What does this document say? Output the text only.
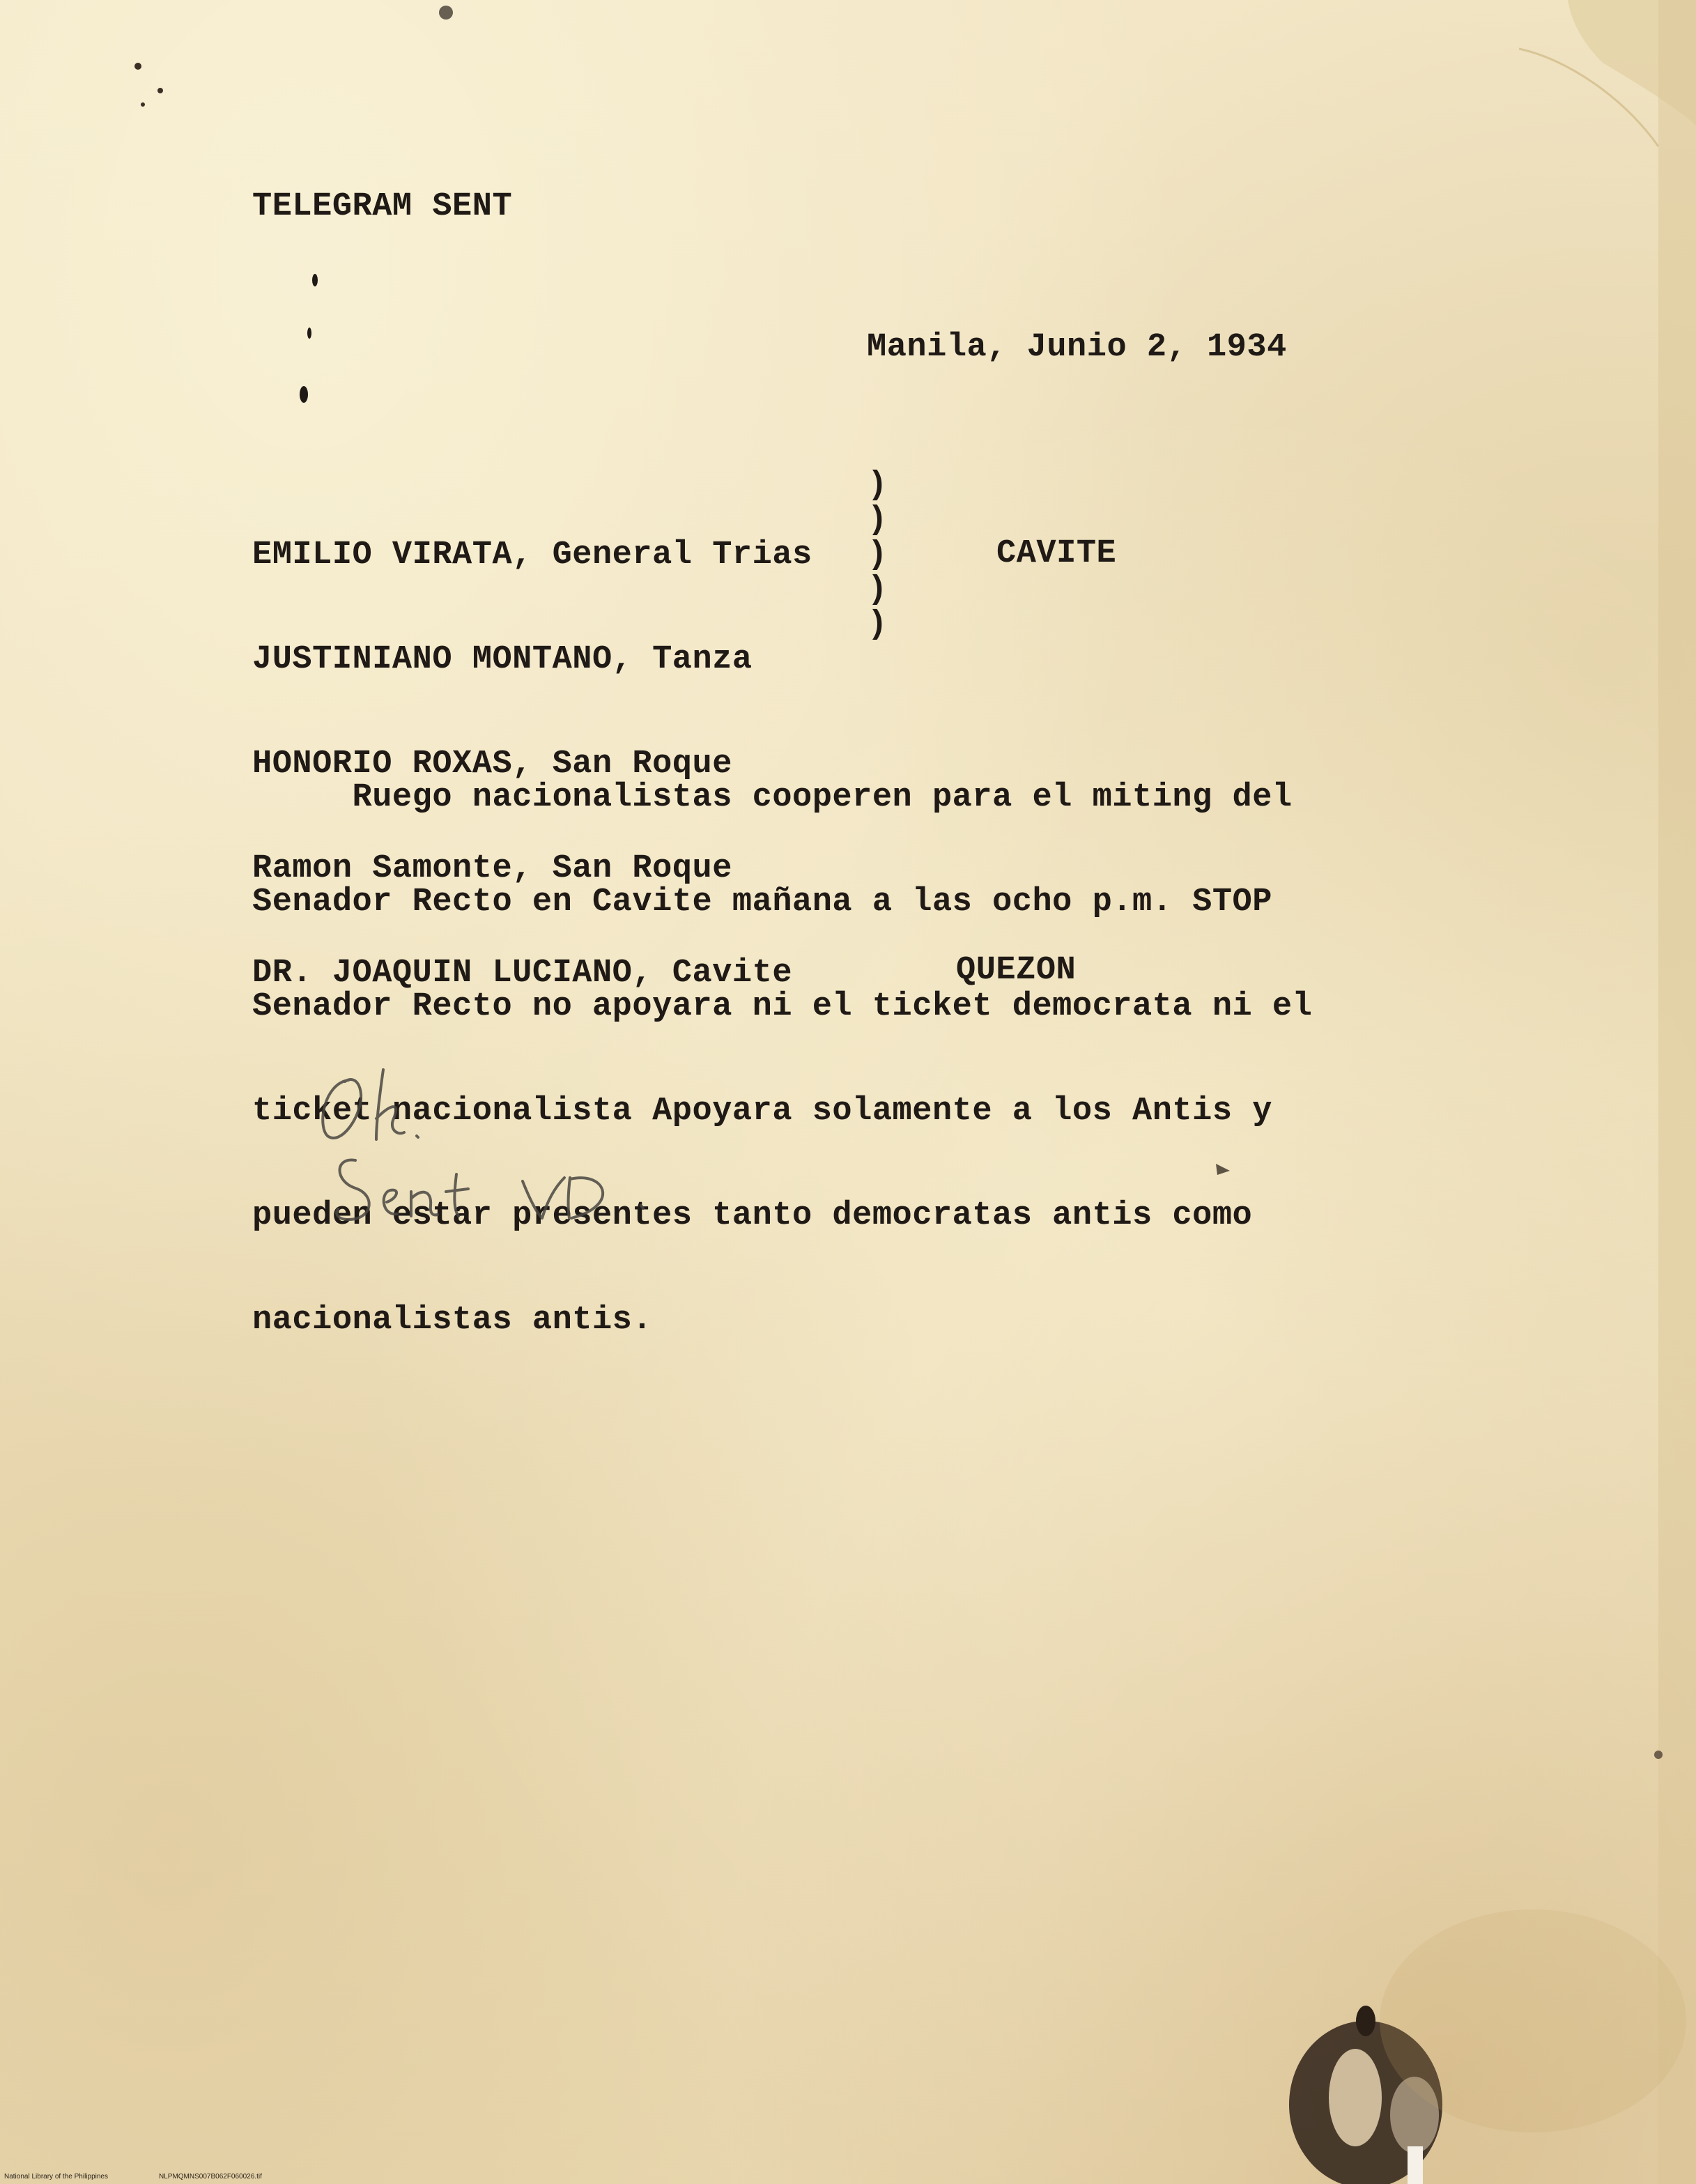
TELEGRAM SENT
Manila, Junio 2, 1934

EMILIO VIRATA, General Trias

JUSTINIANO MONTANO, Tanza

HONORIO ROXAS, San Roque

Ramon Samonte, San Roque

DR. JOAQUIN LUCIANO, Cavite

)
)
)
)
)
CAVITE

Ruego nacionalistas cooperen para el miting del

Senador Recto en Cavite mañana a las ocho p.m. STOP

Senador Recto no apoyara ni el ticket democrata ni el

ticket nacionalista Apoyara solamente a los Antis y

pueden estar presentes tanto democratas antis como

nacionalistas antis.

QUEZON
National Library of the Philippines	NLPMQMNS007B062F060026.tif
